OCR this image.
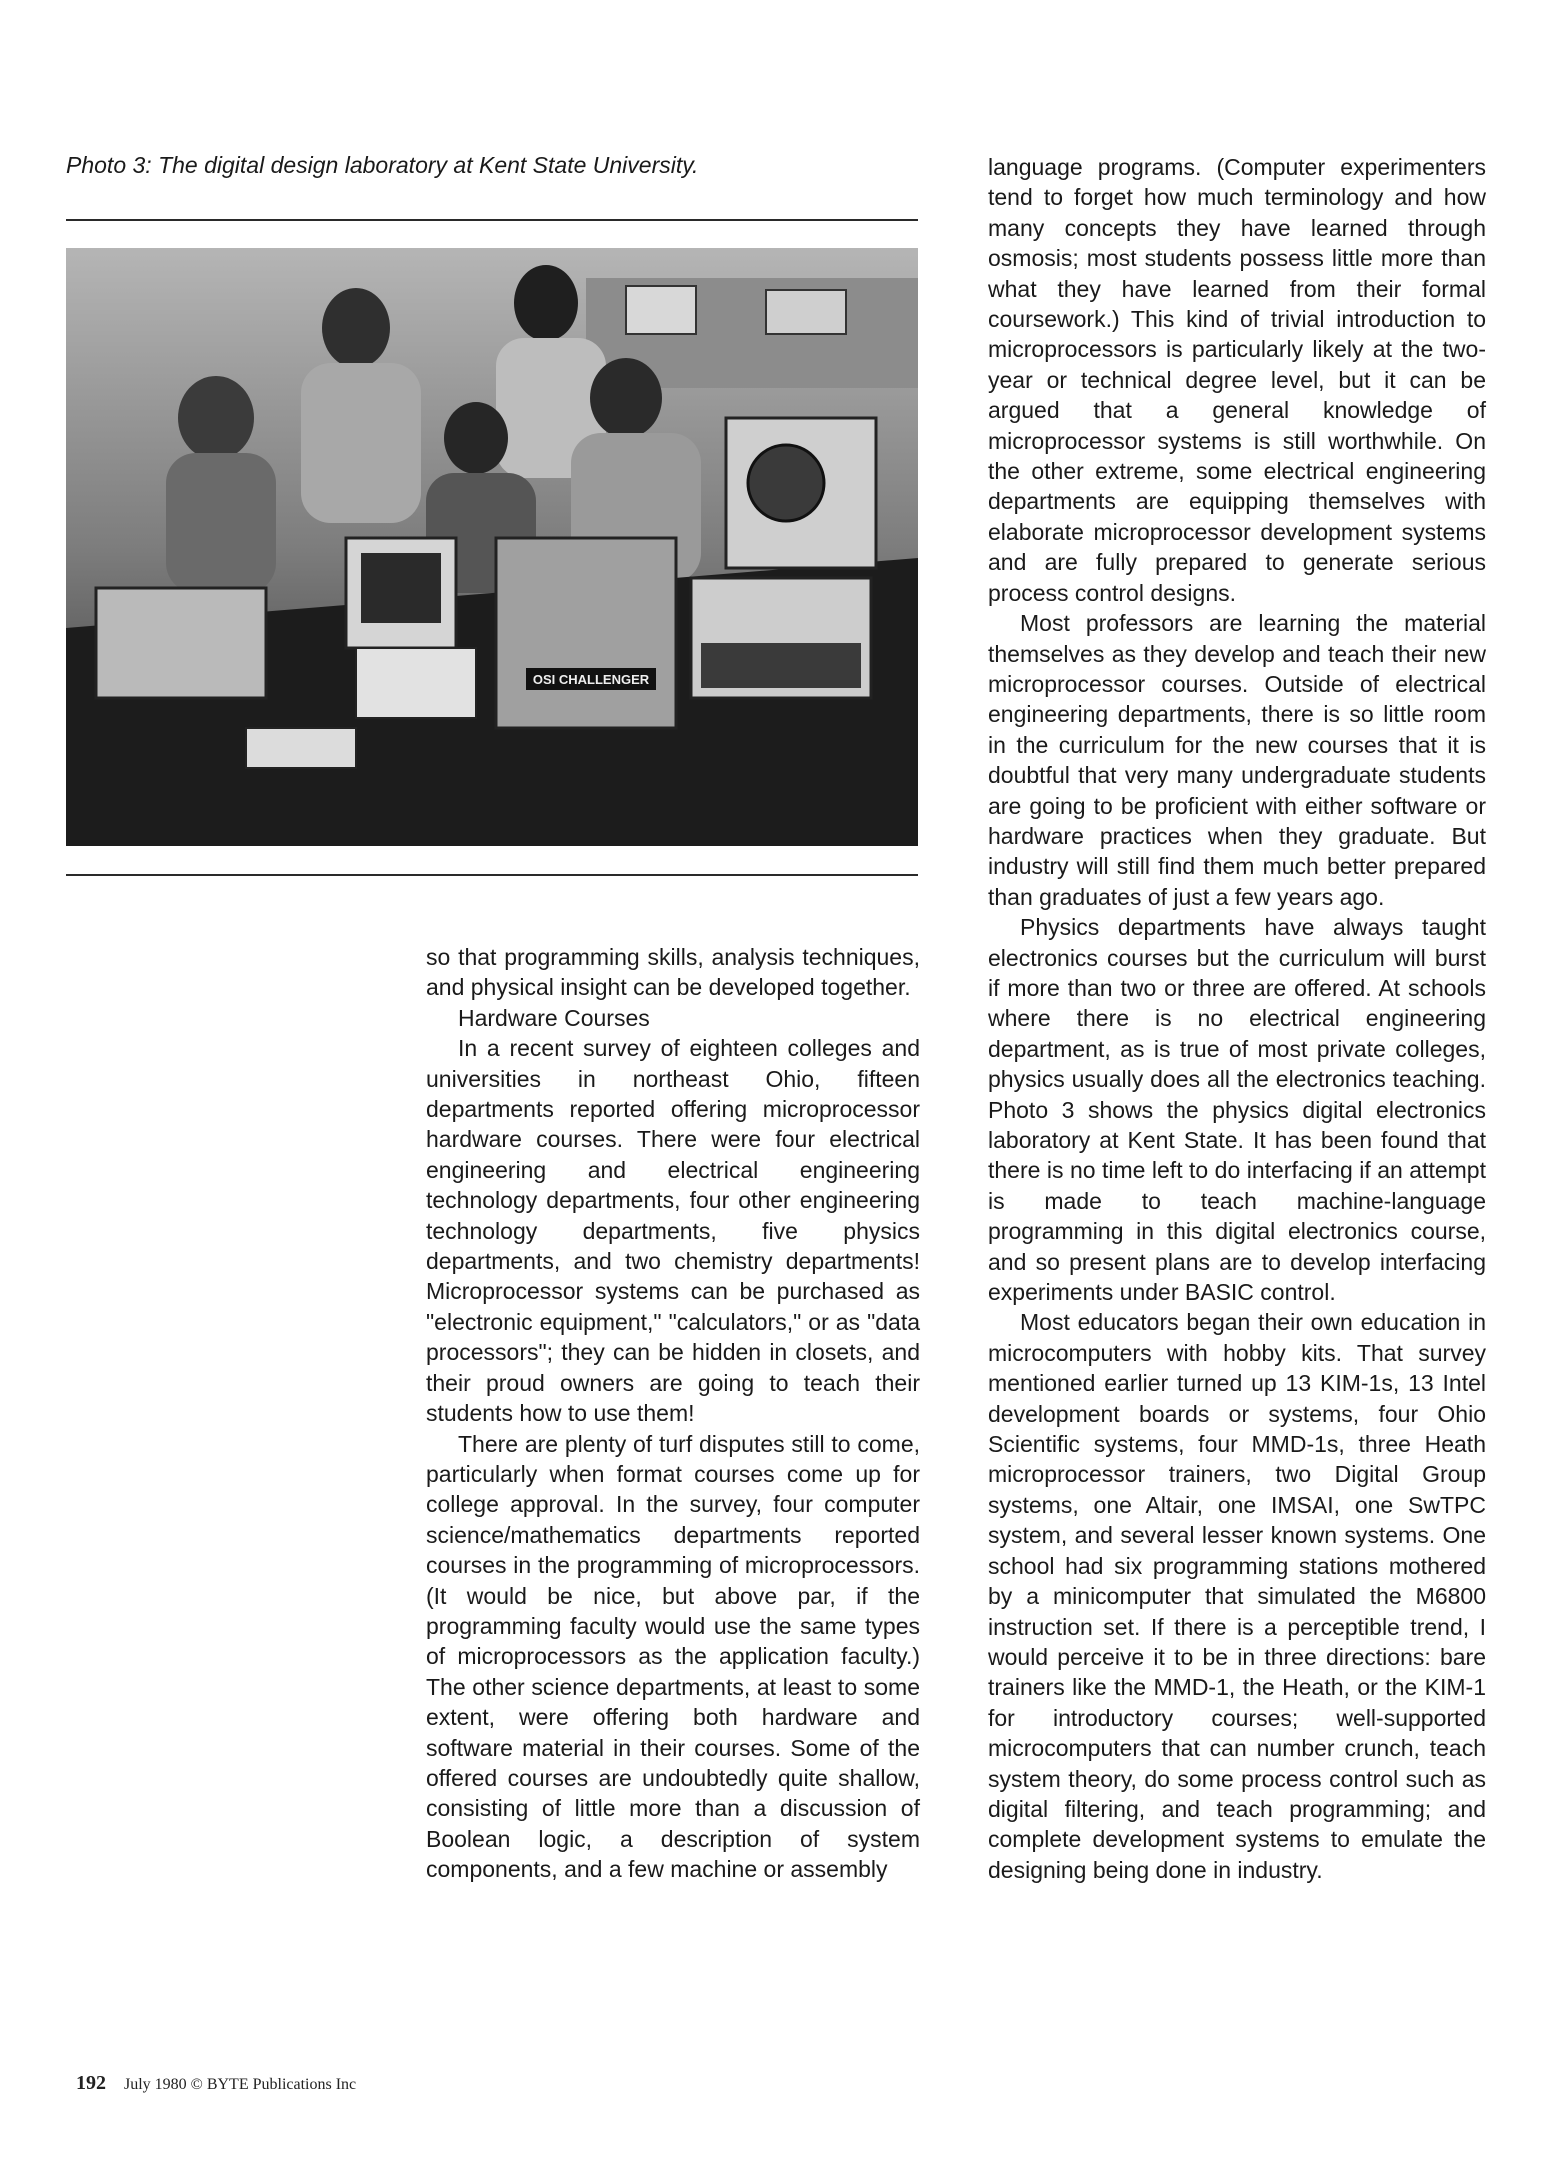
Photo 3: The digital design laboratory at Kent State University.
OSI CHALLENGER

so that programming skills, analysis techniques, and physical insight can be developed together.

Hardware Courses

In a recent survey of eighteen colleges and universities in northeast Ohio, fifteen departments reported offering microprocessor hardware courses. There were four electrical engineering and electrical engineering technology departments, four other engineering technology departments, five physics departments, and two chemistry departments! Microprocessor systems can be purchased as "electronic equipment," "calculators," or as "data processors"; they can be hidden in closets, and their proud owners are going to teach their students how to use them!

There are plenty of turf disputes still to come, particularly when format courses come up for college approval. In the survey, four computer science/mathematics departments reported courses in the programming of microprocessors. (It would be nice, but above par, if the programming faculty would use the same types of microprocessors as the application faculty.) The other science departments, at least to some extent, were offering both hardware and software material in their courses. Some of the offered courses are undoubtedly quite shallow, consisting of little more than a discussion of Boolean logic, a description of system components, and a few machine or assembly

language programs. (Computer experimenters tend to forget how much terminology and how many concepts they have learned through osmosis; most students possess little more than what they have learned from their formal coursework.) This kind of trivial introduction to microprocessors is particularly likely at the two-year or technical degree level, but it can be argued that a general knowledge of microprocessor systems is still worthwhile. On the other extreme, some electrical engineering departments are equipping themselves with elaborate microprocessor development systems and are fully prepared to generate serious process control designs.

Most professors are learning the material themselves as they develop and teach their new microprocessor courses. Outside of electrical engineering departments, there is so little room in the curriculum for the new courses that it is doubtful that very many undergraduate students are going to be proficient with either software or hardware practices when they graduate. But industry will still find them much better prepared than graduates of just a few years ago.

Physics departments have always taught electronics courses but the curriculum will burst if more than two or three are offered. At schools where there is no electrical engineering department, as is true of most private colleges, physics usually does all the electronics teaching. Photo 3 shows the physics digital electronics laboratory at Kent State. It has been found that there is no time left to do interfacing if an attempt is made to teach machine-language programming in this digital electronics course, and so present plans are to develop interfacing experiments under BASIC control.

Most educators began their own education in microcomputers with hobby kits. That survey mentioned earlier turned up 13 KIM-1s, 13 Intel development boards or systems, four Ohio Scientific systems, four MMD-1s, three Heath microprocessor trainers, two Digital Group systems, one Altair, one IMSAI, one SwTPC system, and several lesser known systems. One school had six programming stations mothered by a minicomputer that simulated the M6800 instruction set. If there is a perceptible trend, I would perceive it to be in three directions: bare trainers like the MMD-1, the Heath, or the KIM-1 for introductory courses; well-supported microcomputers that can number crunch, teach system theory, do some process control such as digital filtering, and teach programming; and complete development systems to emulate the designing being done in industry.

192 July 1980 © BYTE Publications Inc
